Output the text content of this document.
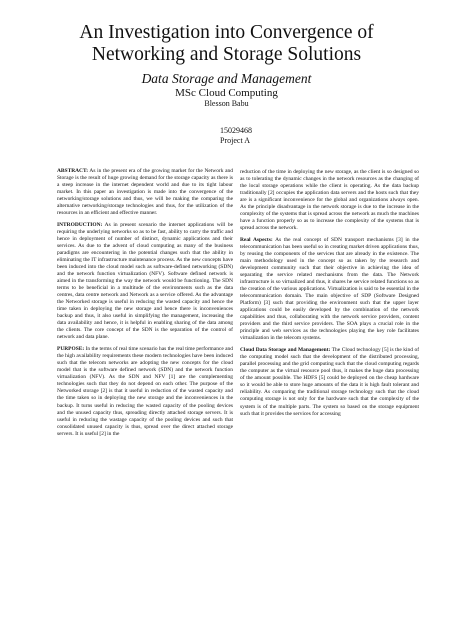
An Investigation into Convergence of
Networking and Storage Solutions
Data Storage and Management
MSc Cloud Computing
Blesson Babu
15029468
Project A

ABSTRACT: As in the present era of the growing market for the Network and Storage is the result of huge growing demand for the storage capacity as there is a steep increase in the internet dependent world and due to its tight labour market. In this paper an investigation is made into the convergence of the networking/storage solutions and thus, we will be making the comparing the alternative networking/storage technologies and thus, for the utilization of the resources in an efficient and effective manner.

INTRODUCTION: As in present scenario the internet applications will be requiring the underlying networks so as to be fast, ability to carry the traffic and hence in deployment of number of distinct, dynamic applications and their services. As due to the advent of cloud computing as many of the business paradigms are encountering in the potential changes such that the ability in eliminating the IT infrastructure maintenance process. As the new concepts have been induced into the cloud model such as software-defined networking (SDN) and the network function virtualization (NFV). Software defined network is aimed in the transforming the way the network would be functioning. The SDN terms to be beneficial in a multitude of the environments such as the data centres, data centre network and Network as a service offered. As the advantage the Networked storage is useful in reducing the wasted capacity and hence the time taken in deploying the new storage and hence there is inconveniences backup and thus, it also useful in simplifying the management, increasing the data availability and hence, it is helpful in enabling sharing of the data among the clients. The core concept of the SDN is the separation of the control of network and data plane.

PURPOSE: In the terms of real time scenario has the real time performance and the high availability requirements these modern technologies have been induced such that the telecom networks are adopting the new concepts for the cloud model that is the software defined network (SDN) and the network function virtualization (NFV). As the SDN and NFV [1] are the complementing technologies such that they do not depend on each other. The purpose of the Networked storage [2] is that it useful in reduction of the wasted capacity and the time taken so in deploying the new storage and the inconveniences in the backup. It turns useful in reducing the wasted capacity of the pooling devices and the unused capacity thus, spreading directly attached storage servers. It is useful in reducing the wastage capacity of the pooling devices and such that consolidated unused capacity is thus, spread over the direct attached storage servers. It is useful [2] in the

reduction of the time in deploying the new storage, as the client is so designed so as to tolerating the dynamic changes in the network resources as the changing of the local storage operations while the client is operating. As the data backup traditionally [2] occupies the application data servers and the hosts such that they are is a significant inconvenience for the global and organizations always open. As the principle disadvantage in the network storage is due to the increase in the complexity of the systems that is spread across the network as much the machines have a function properly so as to increase the complexity of the systems that is spread across the network.

Real Aspects: As the real concept of SDN transport mechanisms [3] in the telecommunication has been useful so in creating market driven applications thus, by reusing the components of the services that are already in the existence. The main methodology used in the concept so as taken by the research and development community such that their objective in achieving the idea of separating the service related mechanisms from the data. The Network infrastructure is so virtualized and thus, it shares he service related functions so as the creation of the various applications. Virtualization is said to be essential in the telecommunication domain. The main objective of SDP (Software Designed Platform) [3] such that providing the environment such that the upper layer applications could be easily developed by the combination of the network capabilities and thus, collaborating with the network service providers, content providers and the third service providers. The SOA plays a crucial role in the principle and web services as the technologies playing the key role facilitates virtualization in the telecom systems.

Cloud Data Storage and Management: The Cloud technology [5] is the kind of the computing model such that the development of the distributed processing, parallel processing and the grid computing such that the cloud computing regards the computer as the virtual resource pool thus, it makes the huge data processing of the amount possible. The HDFS [5] could be deployed on the cheap hardware so it would be able to store huge amounts of the data it is high fault tolerant and reliability. As comparing the traditional storage technology such that the cloud computing storage is not only for the hardware such that the complexity of the system is of the multiple parts. The system so based on the storage equipment such that it provides the services for accessing
